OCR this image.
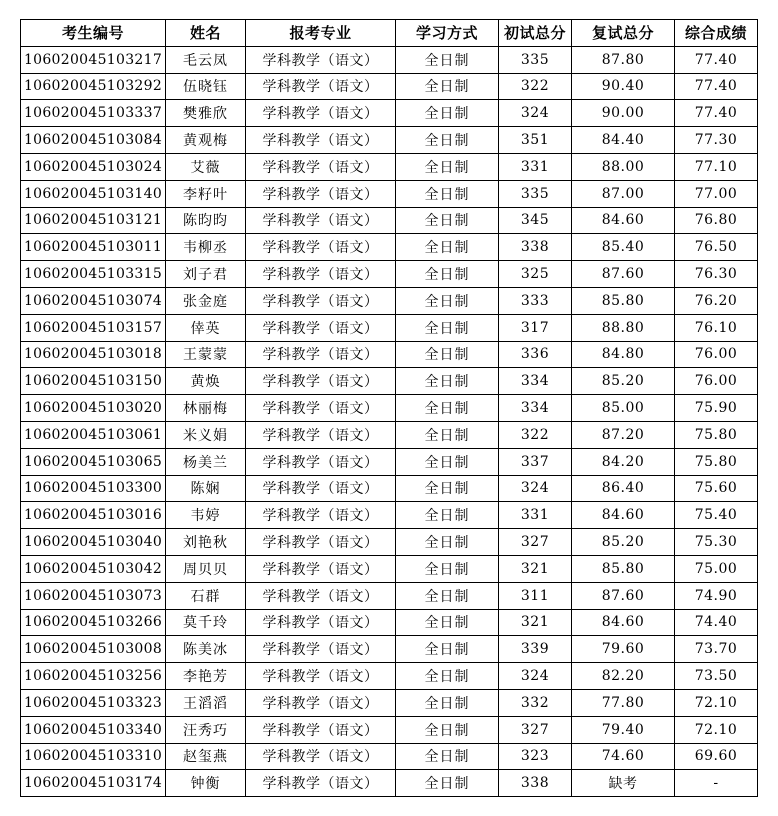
考生编号	姓名	报考专业	学习方式	初试总分	复试总分	综合成绩
106020045103217	毛云凤	学科教学（语文）	全日制	335	87.80	77.40
106020045103292	伍晓钰	学科教学（语文）	全日制	322	90.40	77.40
106020045103337	樊雅欣	学科教学（语文）	全日制	324	90.00	77.40
106020045103084	黄观梅	学科教学（语文）	全日制	351	84.40	77.30
106020045103024	艾薇	学科教学（语文）	全日制	331	88.00	77.10
106020045103140	李籽叶	学科教学（语文）	全日制	335	87.00	77.00
106020045103121	陈昀昀	学科教学（语文）	全日制	345	84.60	76.80
106020045103011	韦柳丞	学科教学（语文）	全日制	338	85.40	76.50
106020045103315	刘子君	学科教学（语文）	全日制	325	87.60	76.30
106020045103074	张金庭	学科教学（语文）	全日制	333	85.80	76.20
106020045103157	倖英	学科教学（语文）	全日制	317	88.80	76.10
106020045103018	王蒙蒙	学科教学（语文）	全日制	336	84.80	76.00
106020045103150	黄焕	学科教学（语文）	全日制	334	85.20	76.00
106020045103020	林丽梅	学科教学（语文）	全日制	334	85.00	75.90
106020045103061	米义娟	学科教学（语文）	全日制	322	87.20	75.80
106020045103065	杨美兰	学科教学（语文）	全日制	337	84.20	75.80
106020045103300	陈娴	学科教学（语文）	全日制	324	86.40	75.60
106020045103016	韦婷	学科教学（语文）	全日制	331	84.60	75.40
106020045103040	刘艳秋	学科教学（语文）	全日制	327	85.20	75.30
106020045103042	周贝贝	学科教学（语文）	全日制	321	85.80	75.00
106020045103073	石群	学科教学（语文）	全日制	311	87.60	74.90
106020045103266	莫千玲	学科教学（语文）	全日制	321	84.60	74.40
106020045103008	陈美冰	学科教学（语文）	全日制	339	79.60	73.70
106020045103256	李艳芳	学科教学（语文）	全日制	324	82.20	73.50
106020045103323	王滔滔	学科教学（语文）	全日制	332	77.80	72.10
106020045103340	汪秀巧	学科教学（语文）	全日制	327	79.40	72.10
106020045103310	赵玺燕	学科教学（语文）	全日制	323	74.60	69.60
106020045103174	钟衡	学科教学（语文）	全日制	338	缺考	-
